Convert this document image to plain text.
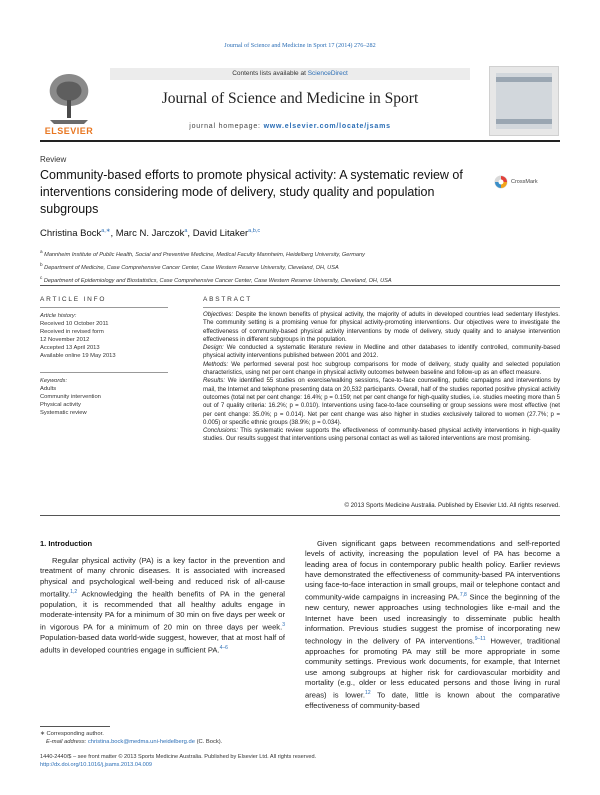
Journal of Science and Medicine in Sport 17 (2014) 276–282
ELSEVIER
Contents lists available at ScienceDirect
Journal of Science and Medicine in Sport
journal homepage: www.elsevier.com/locate/jsams
Review
Community-based efforts to promote physical activity: A systematic review of interventions considering mode of delivery, study quality and population subgroups
CrossMark
Christina Bock$^{a,∗}$, Marc N. Jarczok$^a$, David Litaker$^{a,b,c}$
$^a$ Mannheim Institute of Public Health, Social and Preventive Medicine, Medical Faculty Mannheim, Heidelberg University, Germany
$^b$ Department of Medicine, Case Comprehensive Cancer Center, Case Western Reserve University, Cleveland, OH, USA
$^c$ Department of Epidemiology and Biostatistics, Case Comprehensive Cancer Center, Case Western Reserve University, Cleveland, OH, USA
ARTICLE INFO
Article history:
Received 10 October 2011
Received in revised form
12 November 2012
Accepted 13 April 2013
Available online 19 May 2013
Keywords:
Adults
Community intervention
Physical activity
Systematic review
ABSTRACT

Objectives: Despite the known benefits of physical activity, the majority of adults in developed countries lead sedentary lifestyles. The community setting is a promising venue for physical activity-promoting interventions. Our objectives were to investigate the effectiveness of community-based physical activity interventions by mode of delivery, study quality and to analyse intervention effectiveness in different subgroups in the population.

Design: We conducted a systematic literature review in Medline and other databases to identify controlled, community-based physical activity interventions published between 2001 and 2012.

Methods: We performed several post hoc subgroup comparisons for mode of delivery, study quality and selected population characteristics, using net per cent change in physical activity outcomes between baseline and follow-up as an effect measure.

Results: We identified 55 studies on exercise/walking sessions, face-to-face counselling, public campaigns and interventions by mail, the Internet and telephone presenting data on 20,532 participants. Overall, half of the studies reported positive physical activity outcomes (total net per cent change: 16.4%; p = 0.159; net per cent change for high-quality studies, i.e. studies meeting more than 5 out of 7 quality criteria: 16.2%; p = 0.010). Interventions using face-to-face counselling or group sessions were most effective (net per cent change: 35.0%; p = 0.014). Net per cent change was also higher in studies exclusively tailored to women (27.7%; p = 0.005) or specific ethnic groups (38.9%; p = 0.034).

Conclusions: This systematic review supports the effectiveness of community-based physical activity interventions in high-quality studies. Our results suggest that interventions using personal contact as well as tailored interventions are most promising.

© 2013 Sports Medicine Australia. Published by Elsevier Ltd. All rights reserved.
1. Introduction
Regular physical activity (PA) is a key factor in the prevention and treatment of many chronic diseases. It is associated with increased physical and psychological well-being and reduced risk of all-cause mortality.$^{1,2}$ Acknowledging the health benefits of PA in the general population, it is recommended that all healthy adults engage in moderate-intensity PA for a minimum of 30 min on five days per week or in vigorous PA for a minimum of 20 min on three days per week.$^3$ Population-based data world-wide suggest, however, that at most half of adults in developed countries engage in sufficient PA.$^{4-6}$
Given significant gaps between recommendations and self-reported levels of activity, increasing the population level of PA has become a leading area of focus in contemporary public health policy. Earlier reviews have demonstrated the effectiveness of community-based PA interventions using face-to-face interaction in small groups, mail or telephone contact and community-wide campaigns in increasing PA.$^{7,8}$ Since the beginning of the new century, newer approaches using technologies like e-mail and the Internet have been used increasingly to disseminate public health information. Previous studies suggest the promise of incorporating new technology in the delivery of PA interventions.$^{9-11}$ However, traditional approaches for promoting PA may still be more appropriate in some community settings. Previous work documents, for example, that Internet use among subgroups at higher risk for cardiovascular morbidity and mortality (e.g., older or less educated persons and those living in rural areas) is lower.$^{12}$ To date, little is known about the comparative effectiveness of community-based
∗ Corresponding author.
E-mail address: christina.bock@medma.uni-heidelberg.de (C. Bock).
1440-2440/$ – see front matter © 2013 Sports Medicine Australia. Published by Elsevier Ltd. All rights reserved.
http://dx.doi.org/10.1016/j.jsams.2013.04.009
